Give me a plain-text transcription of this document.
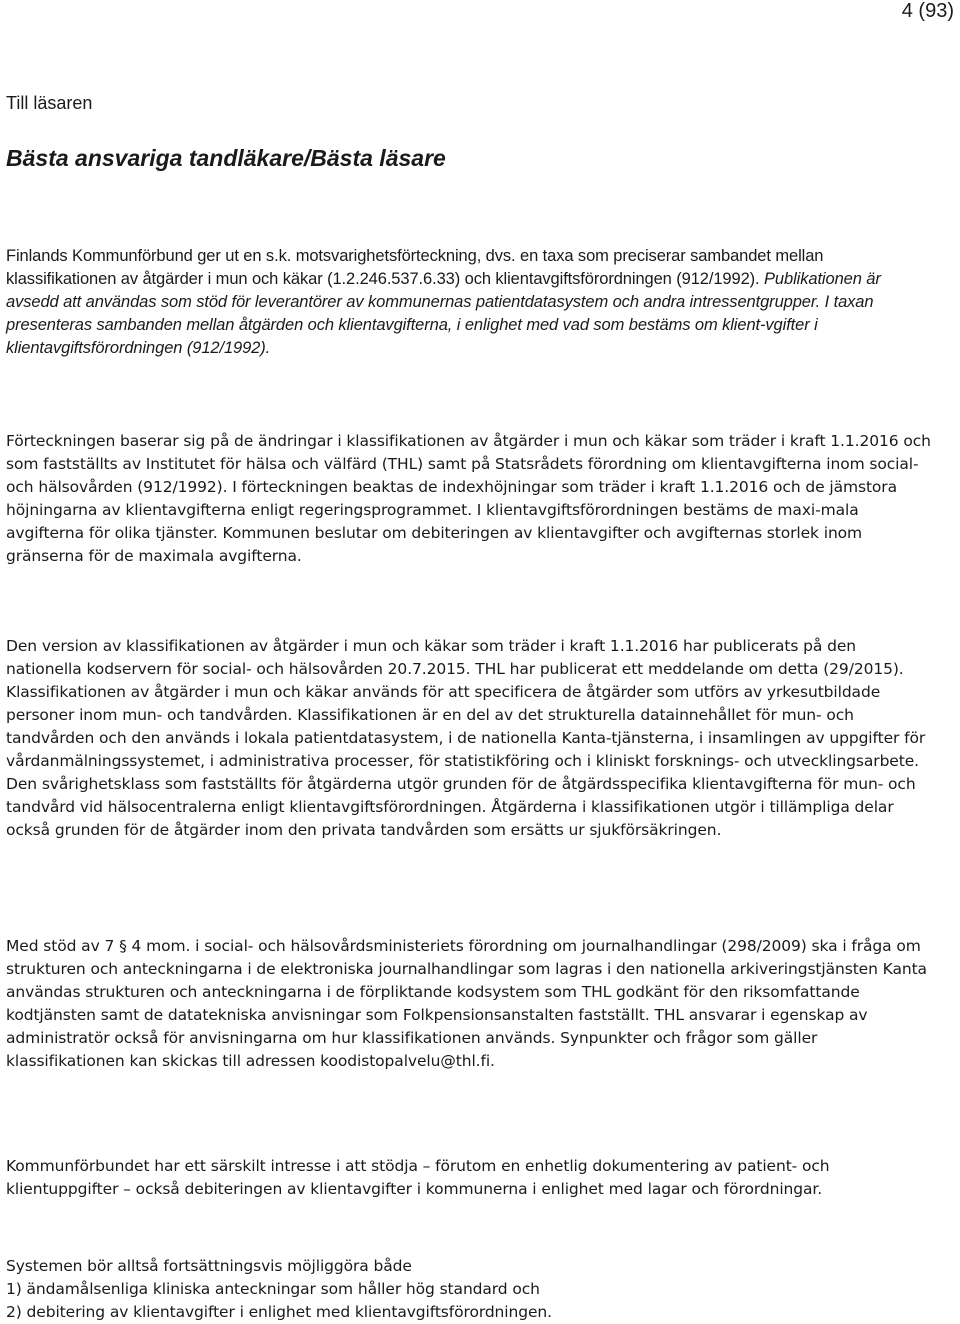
4 (93)
Till läsaren
Bästa ansvariga tandläkare/Bästa läsare

Finlands Kommunförbund ger ut en s.k. motsvarighetsförteckning, dvs. en taxa som preciserar sambandet mellan klassifikationen av åtgärder i mun och käkar (1.2.246.537.6.33) och klientavgiftsförordningen (912/1992). Publikationen är avsedd att användas som stöd för leverantörer av kommunernas patientdatasystem och andra intressentgrupper. I taxan presenteras sambanden mellan åtgärden och klientavgifterna, i enlighet med vad som bestäms om klient-vgifter i klientavgiftsförordningen (912/1992).

Förteckningen baserar sig på de ändringar i klassifikationen av åtgärder i mun och käkar som träder i kraft 1.1.2016 och som fastställts av Institutet för hälsa och välfärd (THL) samt på Statsrådets förordning om klientavgifterna inom social- och hälsovården (912/1992). I förteckningen beaktas de indexhöjningar som träder i kraft 1.1.2016 och de jämstora höjningarna av klientavgifterna enligt regeringsprogrammet. I klientavgiftsförordningen bestäms de maxi-mala avgifterna för olika tjänster. Kommunen beslutar om debiteringen av klientavgifter och avgifternas storlek inom gränserna för de maximala avgifterna.

Den version av klassifikationen av åtgärder i mun och käkar som träder i kraft 1.1.2016 har publicerats på den nationella kodservern för social- och hälsovården 20.7.2015. THL har publicerat ett meddelande om detta (29/2015). Klassifikationen av åtgärder i mun och käkar används för att specificera de åtgärder som utförs av yrkesutbildade personer inom mun- och tandvården. Klassifikationen är en del av det strukturella datainnehållet för mun- och tandvården och den används i lokala patientdatasystem, i de nationella Kanta-tjänsterna, i insamlingen av uppgifter för vårdanmälningssystemet, i administrativa processer, för statistikföring och i kliniskt forsknings- och utvecklingsarbete. Den svårighetsklass som fastställts för åtgärderna utgör grunden för de åtgärdsspecifika klientavgifterna för mun- och tandvård vid hälsocentralerna enligt klientavgiftsförordningen. Åtgärderna i klassifikationen utgör i tillämpliga delar också grunden för de åtgärder inom den privata tandvården som ersätts ur sjukförsäkringen.

Med stöd av 7 § 4 mom. i social- och hälsovårdsministeriets förordning om journalhandlingar (298/2009) ska i fråga om strukturen och anteckningarna i de elektroniska journalhandlingar som lagras i den nationella arkiveringstjänsten Kanta användas strukturen och anteckningarna i de förpliktande kodsystem som THL godkänt för den riksomfattande kodtjänsten samt de datatekniska anvisningar som Folkpensionsanstalten fastställt. THL ansvarar i egenskap av administratör också för anvisningarna om hur klassifikationen används. Synpunkter och frågor som gäller klassifikationen kan skickas till adressen koodistopalvelu@thl.fi.

Kommunförbundet har ett särskilt intresse i att stödja – förutom en enhetlig dokumentering av patient- och klientuppgifter – också debiteringen av klientavgifter i kommunerna i enlighet med lagar och förordningar.

Systemen bör alltså fortsättningsvis möjliggöra både
1) ändamålsenliga kliniska anteckningar som håller hög standard och
2) debitering av klientavgifter i enlighet med klientavgiftsförordningen.
